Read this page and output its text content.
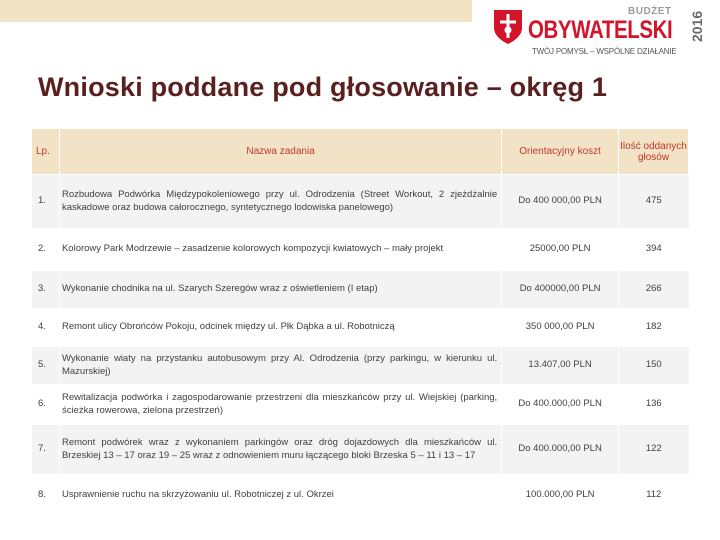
BUDŻET
OBYWATELSKI 2016
TWÓJ POMYSŁ – WSPÓLNE DZIAŁANIE
Wnioski poddane pod głosowanie – okręg 1
Lp.	Nazwa zadania	Orientacyjny koszt	Ilość oddanych głosów
1.	Rozbudowa Podwórka Międzypokoleniowego przy ul. Odrodzenia (Street Workout, 2 zjeżdżalnie kaskadowe oraz budowa całorocznego, syntetycznego lodowiska panelowego)	Do 400 000,00 PLN	475
2.	Kolorowy Park Modrzewie – zasadzenie kolorowych kompozycji kwiatowych – mały projekt	25000,00 PLN	394
3.	Wykonanie chodnika na ul. Szarych Szeregów wraz z oświetleniem (I etap)	Do 400000,00 PLN	266
4.	Remont ulicy Obrońców Pokoju, odcinek między ul. Płk Dąbka a ul. Robotniczą	350 000,00 PLN	182
5.	Wykonanie wiaty na przystanku autobusowym przy Al. Odrodzenia (przy parkingu, w kierunku ul. Mazurskiej)	13.407,00 PLN	150
6.	Rewitalizacja podwórka i zagospodarowanie przestrzeni dla mieszkańców przy ul. Wiejskiej (parking, ścieżka rowerowa, zielona przestrzeń)	Do 400.000,00 PLN	136
7.	Remont podwórek wraz z wykonaniem parkingów oraz dróg dojazdowych dla mieszkańców ul. Brzeskiej 13 – 17 oraz 19 – 25 wraz z odnowieniem muru łączącego bloki Brzeska 5 – 11 i 13 – 17	Do 400.000,00 PLN	122
8.	Usprawnienie ruchu na skrzyżowaniu ul. Robotniczej z ul. Okrzei	100.000,00 PLN	112
